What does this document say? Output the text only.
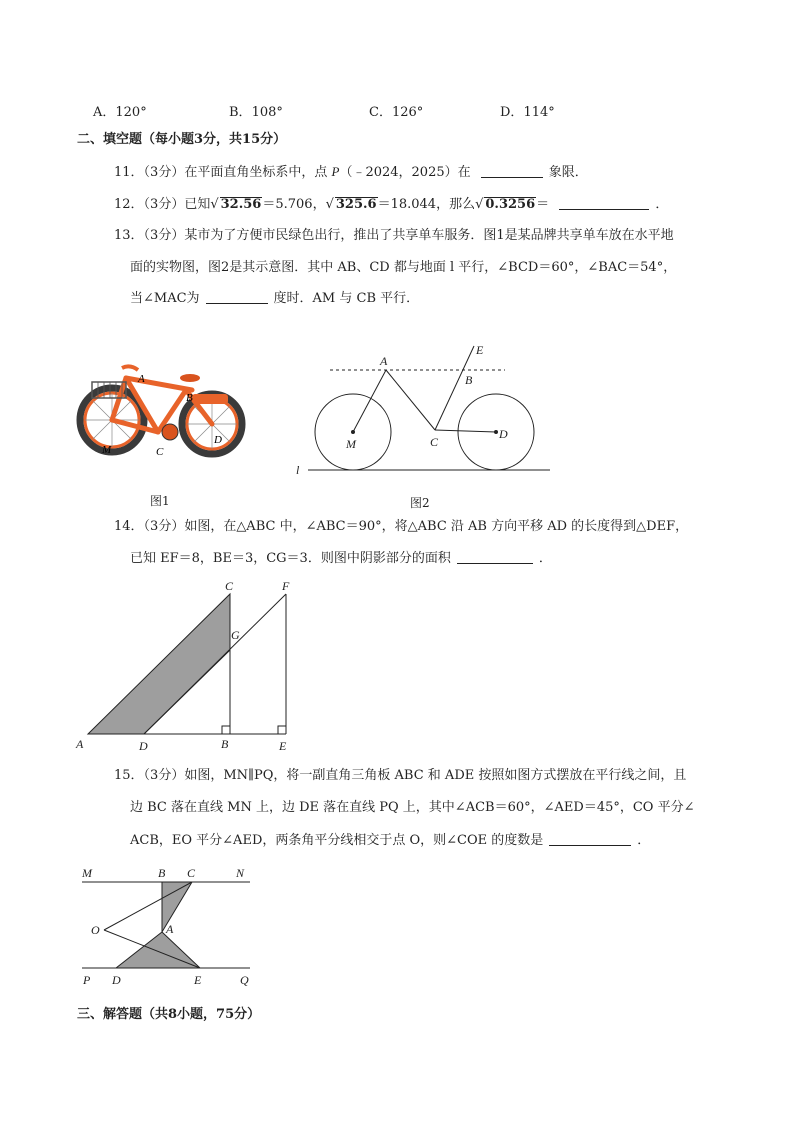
A．120°	B．108°	C．126°	D．114°
二、填空题（每小题3分，共15分）
11．（3分）在平面直角坐标系中，点 P（﹣2024，2025）在	象限．
12．（3分）已知√ 32.56＝5.706，√ 325.6＝18.044，那么√ 0.3256＝	．
13．（3分）某市为了方便市民绿色出行，推出了共享单车服务．图1是某品牌共享单车放在水平地
面的实物图，图2是其示意图．其中 AB、CD 都与地面 l 平行，∠BCD＝60°，∠BAC＝54°，
当∠MAC为	度时．AM 与 CB 平行．
A
B
M	C
D
图1
A
E
B
M	C
D
l
图2
14．（3分）如图，在△ABC 中，∠ABC＝90°，将△ABC 沿 AB 方向平移 AD 的长度得到△DEF，
已知 EF＝8，BE＝3，CG＝3．则图中阴影部分的面积	．
C	F
G
A	D	B	E
15．（3分）如图，MN∥PQ，将一副直角三角板 ABC 和 ADE 按照如图方式摆放在平行线之间，且
边 BC 落在直线 MN 上，边 DE 落在直线 PQ 上，其中∠ACB＝60°，∠AED＝45°，CO 平分∠
ACB，EO 平分∠AED，两条角平分线相交于点 O，则∠COE 的度数是	．
M	B C	N
O	A
P D	E	Q
三、解答题（共8小题，75分）
